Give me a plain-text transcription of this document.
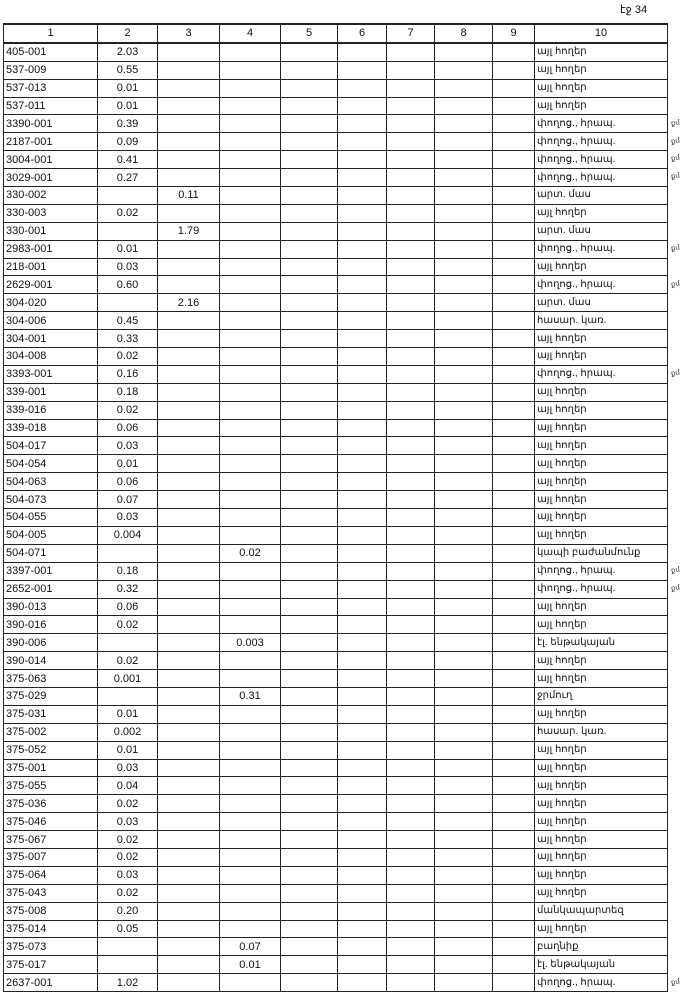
էջ 34
1	2	3	4	5	6	7	8	9	10
405-001	2.03								այլ հողեր
537-009	0.55								այլ հողեր
537-013	0.01								այլ հողեր
537-011	0.01								այլ հողեր
3390-001	0.39								փողոց., հրապ.
2187-001	0.09								փողոց., հրապ.
3004-001	0.41								փողոց., հրապ.
3029-001	0.27								փողոց., հրապ.
330-002		0.11							արտ. մաս
330-003	0.02								այլ հողեր
330-001		1.79							արտ. մաս
2983-001	0.01								փողոց., հրապ.
218-001	0.03								այլ հողեր
2629-001	0.60								փողոց., հրապ.
304-020		2.16							արտ. մաս
304-006	0.45								հասար. կառ.
304-001	0.33								այլ հողեր
304-008	0.02								այլ հողեր
3393-001	0.16								փողոց., հրապ.
339-001	0.18								այլ հողեր
339-016	0.02								այլ հողեր
339-018	0.06								այլ հողեր
504-017	0.03								այլ հողեր
504-054	0.01								այլ հողեր
504-063	0.06								այլ հողեր
504-073	0.07								այլ հողեր
504-055	0.03								այլ հողեր
504-005	0.004								այլ հողեր
504-071			0.02						կապի բաժանմունք
3397-001	0.18								փողոց., հրապ.
2652-001	0.32								փողոց., հրապ.
390-013	0.06								այլ հողեր
390-016	0.02								այլ հողեր
390-006			0.003						էլ. ենթակայան
390-014	0.02								այլ հողեր
375-063	0.001								այլ հողեր
375-029			0.31						ջրմուղ
375-031	0.01								այլ հողեր
375-002	0.002								հասար. կառ.
375-052	0.01								այլ հողեր
375-001	0.03								այլ հողեր
375-055	0.04								այլ հողեր
375-036	0.02								այլ հողեր
375-046	0.03								այլ հողեր
375-067	0.02								այլ հողեր
375-007	0.02								այլ հողեր
375-064	0.03								այլ հողեր
375-043	0.02								այլ հողեր
375-008	0.20								մանկապարտեզ
375-014	0.05								այլ հողեր
375-073			0.07						բաղնիք
375-017			0.01						էլ. ենթակայան
2637-001	1.02								փողոց., հրապ.
քմ
քմ
քմ
քմ
քմ
քմ
քմ
քմ
քմ
քմ
